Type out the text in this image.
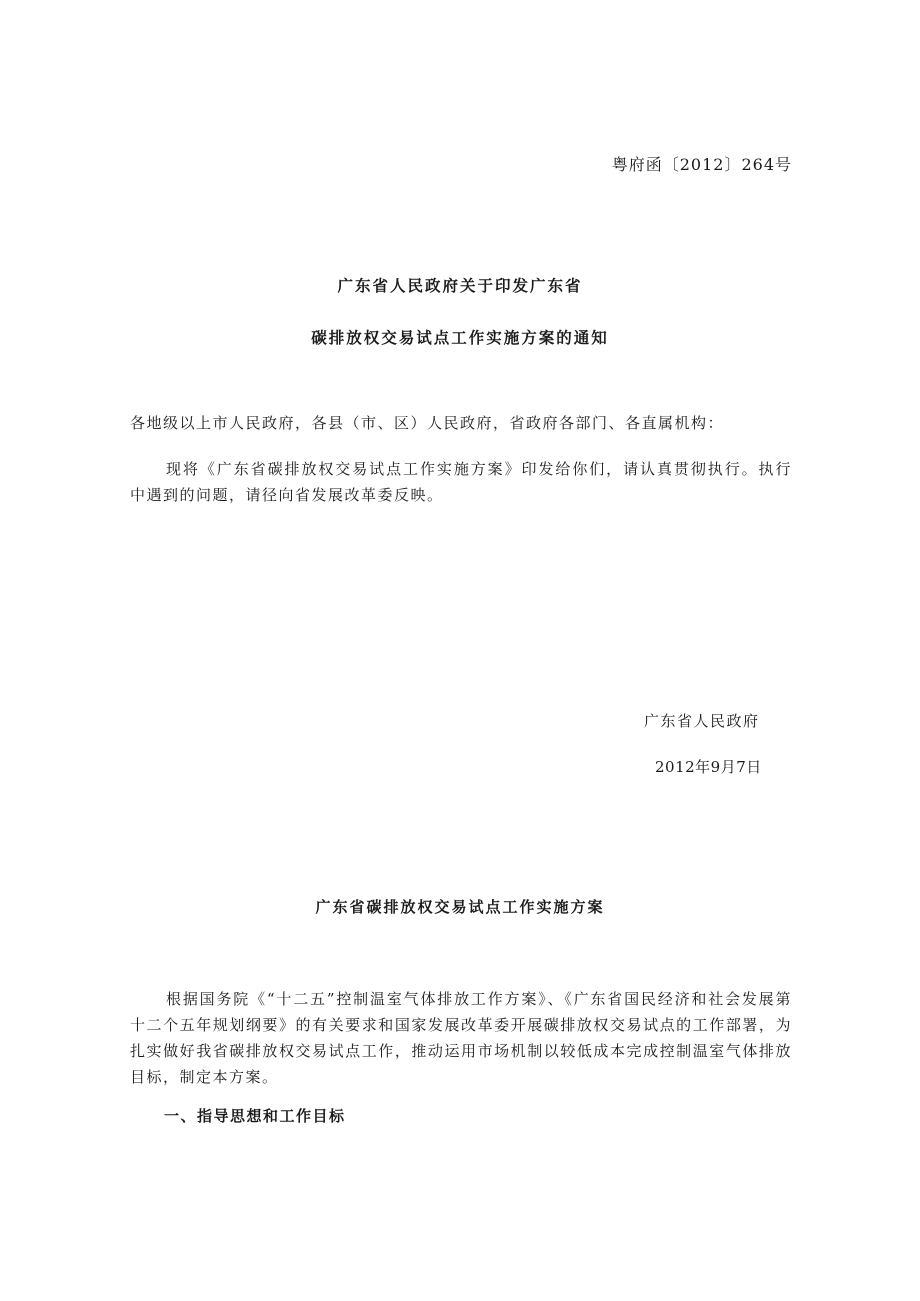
粤府函〔2012〕264号
广东省人民政府关于印发广东省
碳排放权交易试点工作实施方案的通知
各地级以上市人民政府，各县（市、区）人民政府，省政府各部门、各直属机构：
现将《广东省碳排放权交易试点工作实施方案》印发给你们，请认真贯彻执行。执行中遇到的问题，请径向省发展改革委反映。
广东省人民政府
2012年9月7日
广东省碳排放权交易试点工作实施方案
根据国务院《“十二五”控制温室气体排放工作方案》、《广东省国民经济和社会发展第十二个五年规划纲要》的有关要求和国家发展改革委开展碳排放权交易试点的工作部署，为扎实做好我省碳排放权交易试点工作，推动运用市场机制以较低成本完成控制温室气体排放目标，制定本方案。
一、指导思想和工作目标
